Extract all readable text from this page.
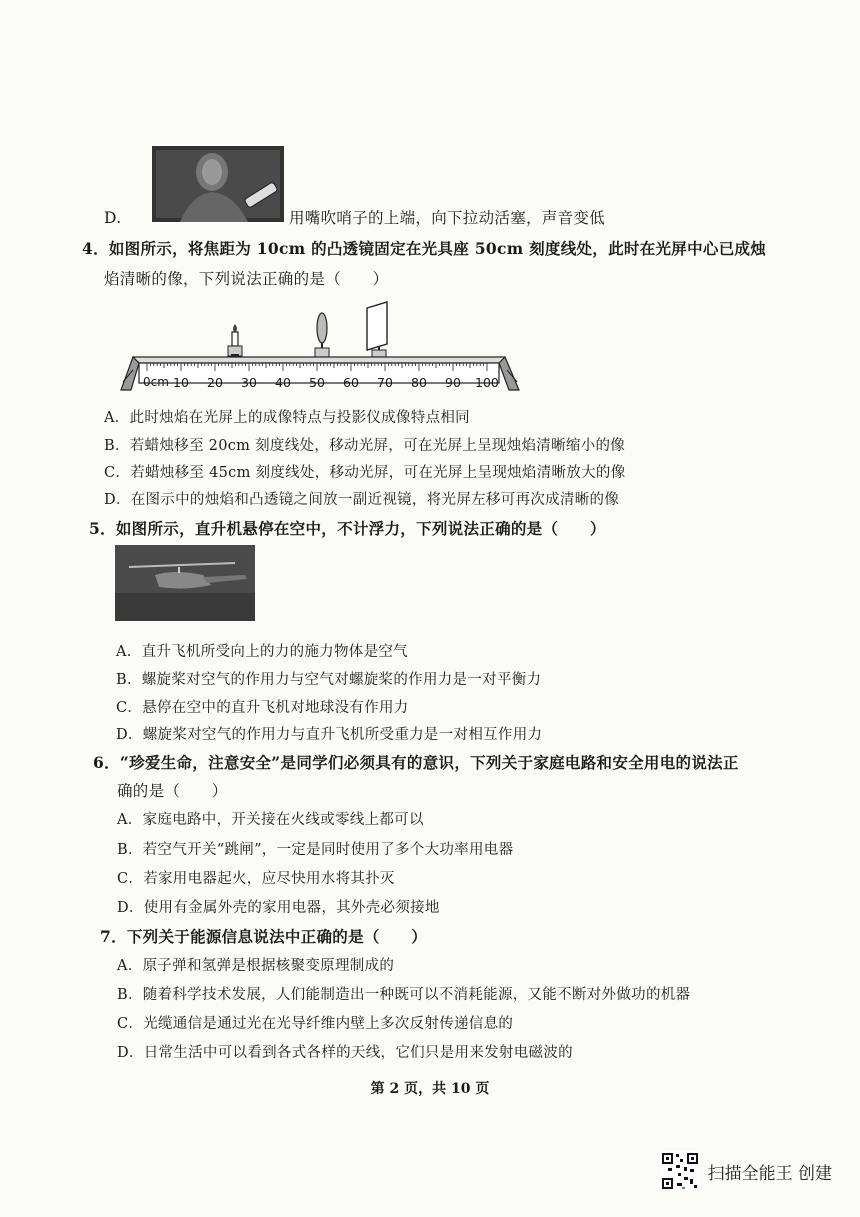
D.	用嘴吹哨子的上端，向下拉动活塞，声音变低
4．如图所示，将焦距为 10cm 的凸透镜固定在光具座 50cm 刻度线处，此时在光屏中心已成烛
焰清晰的像，下列说法正确的是（　　）
0cm 10 20 30 40 50 60 70 80 90 100
A．此时烛焰在光屏上的成像特点与投影仪成像特点相同
B．若蜡烛移至 20cm 刻度线处，移动光屏，可在光屏上呈现烛焰清晰缩小的像
C．若蜡烛移至 45cm 刻度线处，移动光屏，可在光屏上呈现烛焰清晰放大的像
D．在图示中的烛焰和凸透镜之间放一副近视镜，将光屏左移可再次成清晰的像
5．如图所示，直升机悬停在空中，不计浮力，下列说法正确的是（　　）
A．直升飞机所受向上的力的施力物体是空气
B．螺旋桨对空气的作用力与空气对螺旋桨的作用力是一对平衡力
C．悬停在空中的直升飞机对地球没有作用力
D．螺旋桨对空气的作用力与直升飞机所受重力是一对相互作用力
6．“珍爱生命，注意安全”是同学们必须具有的意识，下列关于家庭电路和安全用电的说法正
确的是（　　）
A．家庭电路中，开关接在火线或零线上都可以
B．若空气开关“跳闸”，一定是同时使用了多个大功率用电器
C．若家用电器起火，应尽快用水将其扑灭
D．使用有金属外壳的家用电器，其外壳必须接地
7．下列关于能源信息说法中正确的是（　　）
A．原子弹和氢弹是根据核聚变原理制成的
B．随着科学技术发展，人们能制造出一种既可以不消耗能源，又能不断对外做功的机器
C．光缆通信是通过光在光导纤维内壁上多次反射传递信息的
D．日常生活中可以看到各式各样的天线，它们只是用来发射电磁波的
第 2 页，共 10 页
扫描全能王 创建
